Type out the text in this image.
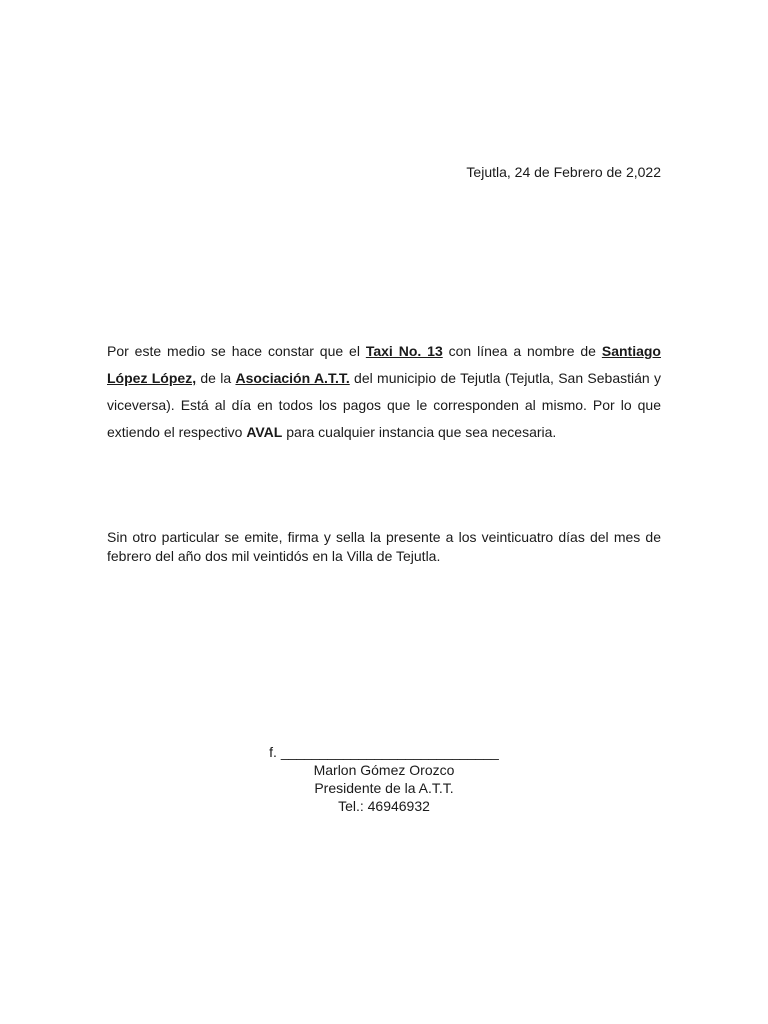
Tejutla, 24 de Febrero de 2,022

Por este medio se hace constar que el Taxi No. 13 con línea a nombre de Santiago López López, de la Asociación A.T.T. del municipio de Tejutla (Tejutla, San Sebastián y viceversa). Está al día en todos los pagos que le corresponden al mismo. Por lo que extiendo el respectivo AVAL para cualquier instancia que sea necesaria.

Sin otro particular se emite, firma y sella la presente a los veinticuatro días del mes de febrero del año dos mil veintidós en la Villa de Tejutla.

f. ____________________________
Marlon Gómez Orozco
Presidente de la A.T.T.
Tel.: 46946932
